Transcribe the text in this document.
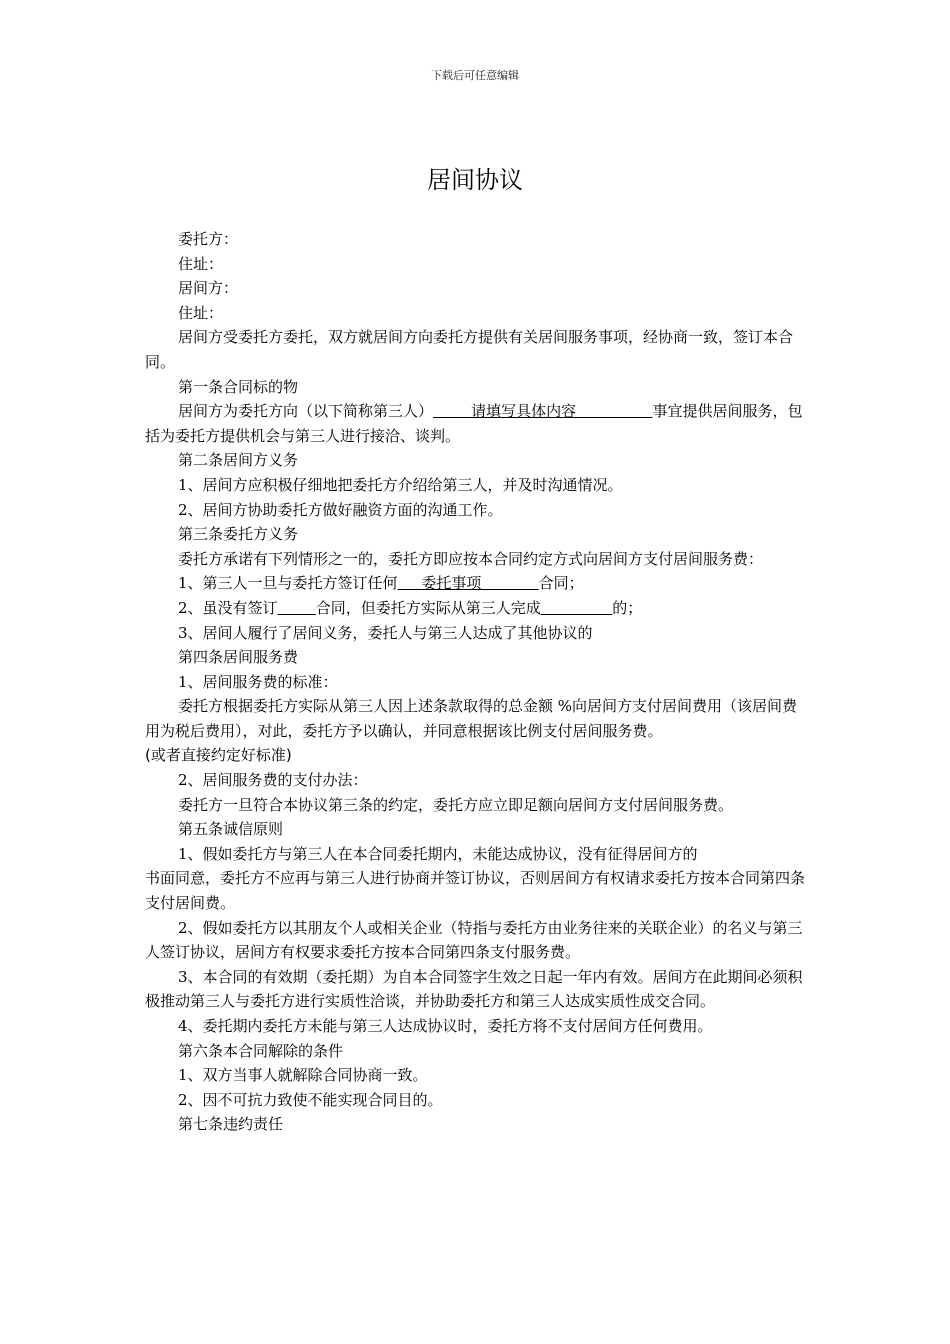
下载后可任意编辑
居间协议

委托方：

住址：

居间方：

住址：

居间方受委托方委托，双方就居间方向委托方提供有关居间服务事项，经协商一致，签订本合同。

第一条合同标的物

居间方为委托方向（以下简称第三人）        请填写具体内容                事宜提供居间服务，包括为委托方提供机会与第三人进行接洽、谈判。

第二条居间方义务

1、居间方应积极仔细地把委托方介绍给第三人，并及时沟通情况。

2、居间方协助委托方做好融资方面的沟通工作。

第三条委托方义务

委托方承诺有下列情形之一的，委托方即应按本合同约定方式向居间方支付居间服务费：

1、第三人一旦与委托方签订任何     委托事项            合同；

2、虽没有签订	合同，但委托方实际从第三人完成	的；

3、居间人履行了居间义务，委托人与第三人达成了其他协议的

第四条居间服务费

1、居间服务费的标准：

委托方根据委托方实际从第三人因上述条款取得的总金额 %向居间方支付居间费用（该居间费用为税后费用），对此，委托方予以确认，并同意根据该比例支付居间服务费。

(或者直接约定好标准)

2、居间服务费的支付办法：

委托方一旦符合本协议第三条的约定，委托方应立即足额向居间方支付居间服务费。

第五条诚信原则

1、假如委托方与第三人在本合同委托期内，未能达成协议，没有征得居间方的
书面同意，委托方不应再与第三人进行协商并签订协议，否则居间方有权请求委托方按本合同第四条支付居间费。

2、假如委托方以其朋友个人或相关企业（特指与委托方由业务往来的关联企业）的名义与第三人签订协议，居间方有权要求委托方按本合同第四条支付服务费。

3、本合同的有效期（委托期）为自本合同签字生效之日起一年内有效。居间方在此期间必须积极推动第三人与委托方进行实质性洽谈，并协助委托方和第三人达成实质性成交合同。

4、委托期内委托方未能与第三人达成协议时，委托方将不支付居间方任何费用。

第六条本合同解除的条件

1、双方当事人就解除合同协商一致。

2、因不可抗力致使不能实现合同目的。

第七条违约责任
